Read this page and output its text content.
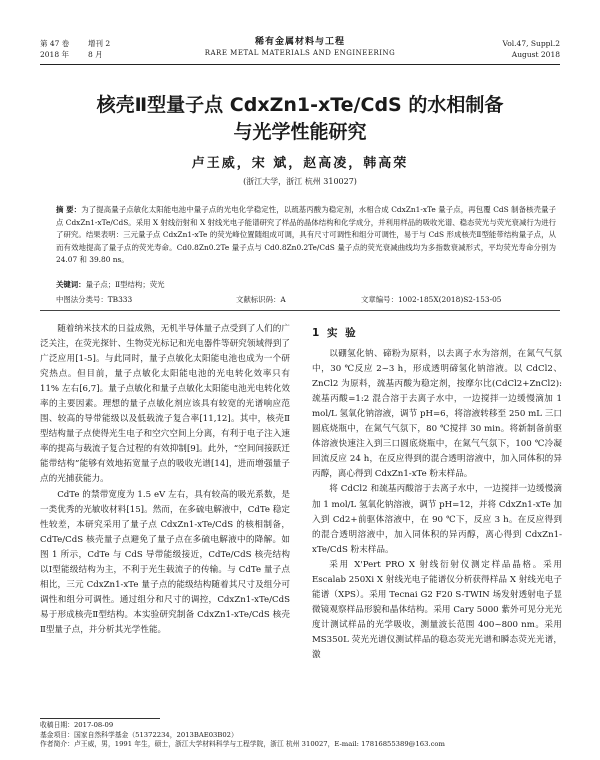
第 47 卷 增刊 2
2018 年	8 月
稀有金属材料与工程
RARE METAL MATERIALS AND ENGINEERING
Vol.47, Suppl.2
August 2018
核壳Ⅱ型量子点 CdxZn1-xTe/CdS 的水相制备
与光学性能研究
卢王威，宋 斌，赵高凌，韩高荣
(浙江大学，浙江 杭州 310027)
摘 要：为了提高量子点敏化太阳能电池中量子点的光电化学稳定性，以巯基丙酸为稳定剂，水相合成 CdxZn1-xTe 量子点，再包覆 CdS 制备核壳量子点 CdxZn1-xTe/CdS。采用 X 射线衍射和 X 射线光电子能谱研究了样品的晶体结构和化学成分，并利用样品的吸收光谱、稳态荧光与荧光衰减行为进行了研究。结果表明：三元量子点 CdxZn1-xTe 的荧光峰位置随组成可调，具有尺寸可调性和组分可调性，易于与 CdS 形成核壳Ⅱ型能带结构量子点，从而有效地提高了量子点的荧光寿命。Cd0.8Zn0.2Te 量子点与 Cd0.8Zn0.2Te/CdS 量子点的荧光衰减曲线均为多指数衰减形式，平均荧光寿命分别为 24.07 和 39.80 ns。
关键词：量子点；Ⅱ型结构；荧光
中图法分类号：TB333	文献标识码：A	文章编号：1002-185X(2018)S2-153-05

随着纳米技术的日益成熟，无机半导体量子点受到了人们的广泛关注，在荧光探针、生物荧光标记和光电器件等研究领域得到了广泛应用[1-5]。与此同时，量子点敏化太阳能电池也成为一个研究热点。但目前，量子点敏化太阳能电池的光电转化效率只有 11% 左右[6,7]。量子点敏化和量子点敏化太阳能电池光电转化效率的主要因素。理想的量子点敏化剂应该具有较宽的光谱响应范围、较高的导带能级以及低载流子复合率[11,12]。其中，核壳Ⅱ型结构量子点使得光生电子和空穴空间上分离，有利于电子注入速率的提高与载流子复合过程的有效抑制[9]。此外，“空间间接跃迁能带结构”能够有效地拓宽量子点的吸收光谱[14]，进而增强量子点的光捕获能力。

CdTe 的禁带宽度为 1.5 eV 左右，具有较高的吸光系数，是一类优秀的光敏收材料[15]。然而，在多硫电解液中，CdTe 稳定性较差，本研究采用了量子点 CdxZn1-xTe/CdS 的核相制备，CdTe/CdS 核壳量子点避免了量子点在多硫电解液中的降解。如图 1 所示，CdTe 与 CdS 导带能级接近，CdTe/CdS 核壳结构以Ⅰ型能级结构为主，不利于光生载流子的传输。与 CdTe 量子点相比，三元 CdxZn1-xTe 量子点的能级结构随着其尺寸及组分可调性和组分可调性。通过组分和尺寸的调控，CdxZn1-xTe/CdS 易于形成核壳Ⅱ型结构。本实验研究制备 CdxZn1-xTe/CdS 核壳Ⅱ型量子点，并分析其光学性能。

1 实 验

以硼氢化钠、碲粉为原料，以去离子水为溶剂，在氮气气氛中，30 ℃反应 2~3 h，形成透明碲氢化钠溶液。以 CdCl2、ZnCl2 为原料，巯基丙酸为稳定剂，按摩尔比(CdCl2+ZnCl2):巯基丙酸=1:2 混合溶于去离子水中，一边搅拌一边缓慢滴加 1 mol/L 氢氧化钠溶液，调节 pH=6，将溶液转移至 250 mL 三口圆底烧瓶中，在氮气气氛下，80 ℃搅拌 30 min。将新制备前驱体溶液快速注入到三口圆底烧瓶中，在氮气气氛下，100 ℃冷凝回流反应 24 h，在反应得到的混合透明溶液中，加入同体积的异丙醇，离心得到 CdxZn1-xTe 粉末样品。

将 CdCl2 和巯基丙酸溶于去离子水中，一边搅拌一边缓慢滴加 1 mol/L 氢氧化钠溶液，调节 pH=12，并将 CdxZn1-xTe 加入到 Cd2+前驱体溶液中，在 90 ℃下，反应 3 h。在反应得到的混合透明溶液中，加入同体积的异丙醇，离心得到 CdxZn1-xTe/CdS 粉末样品。

采用 X'Pert PRO X 射线衍射仪测定样品晶格。采用 Escalab 250Xi X 射线光电子能谱仪分析获得样品 X 射线光电子能谱（XPS）。采用 Tecnai G2 F20 S-TWIN 场发射透射电子显微镜观察样品形貌和晶体结构。采用 Cary 5000 紫外可见分光光度计测试样品的光学吸收，测量波长范围 400~800 nm。采用 MS350L 荧光光谱仪测试样品的稳态荧光光谱和瞬态荧光光谱，激

收稿日期：2017-08-09
基金项目：国家自然科学基金（51372234，2013BAE03B02）
作者简介：卢王威，男，1991 年生，硕士，浙江大学材料科学与工程学院，浙江 杭州 310027，E-mail: 17816855389@163.com
